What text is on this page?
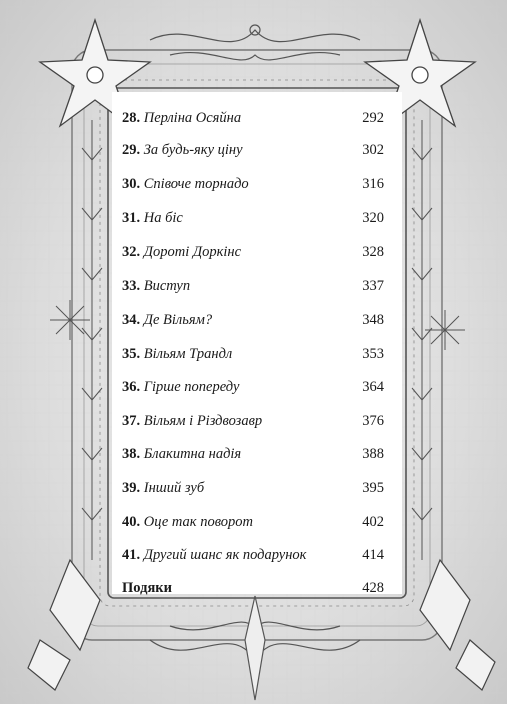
28. Перліна Осяйна	292
29. За будь-яку ціну	302
30. Співоче торнадо	316
31. На біс	320
32. Дороті Доркінс	328
33. Виступ	337
34. Де Вільям?	348
35. Вільям Трандл	353
36. Гірше попереду	364
37. Вільям і Різдвозавр	376
38. Блакитна надія	388
39. Інший зуб	395
40. Оце так поворот	402
41. Другий шанс як подарунок	414
Подяки	428
